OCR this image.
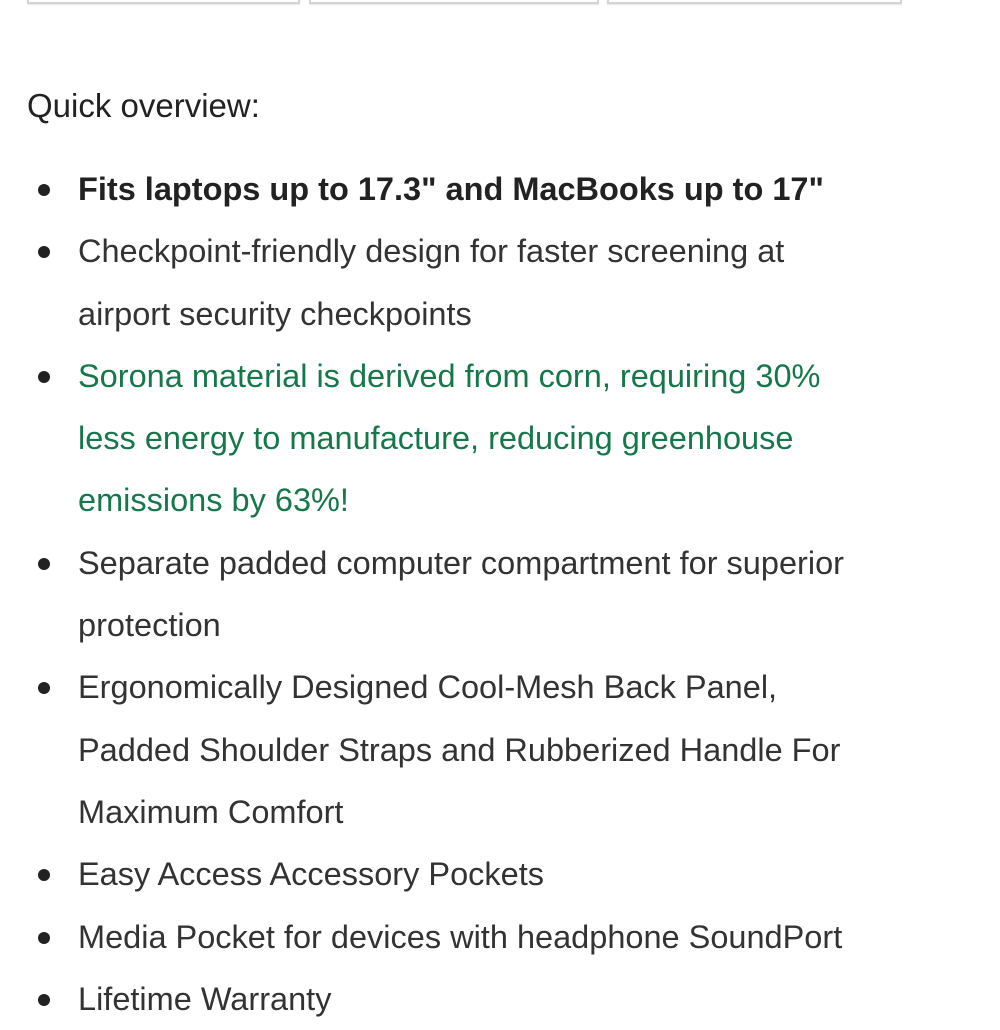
Quick overview:
Fits laptops up to 17.3" and MacBooks up to 17"
Checkpoint-friendly design for faster screening at
airport security checkpoints
Sorona material is derived from corn, requiring 30%
less energy to manufacture, reducing greenhouse
emissions by 63%!
Separate padded computer compartment for superior
protection
Ergonomically Designed Cool-Mesh Back Panel,
Padded Shoulder Straps and Rubberized Handle For
Maximum Comfort
Easy Access Accessory Pockets
Media Pocket for devices with headphone SoundPort
Lifetime Warranty
